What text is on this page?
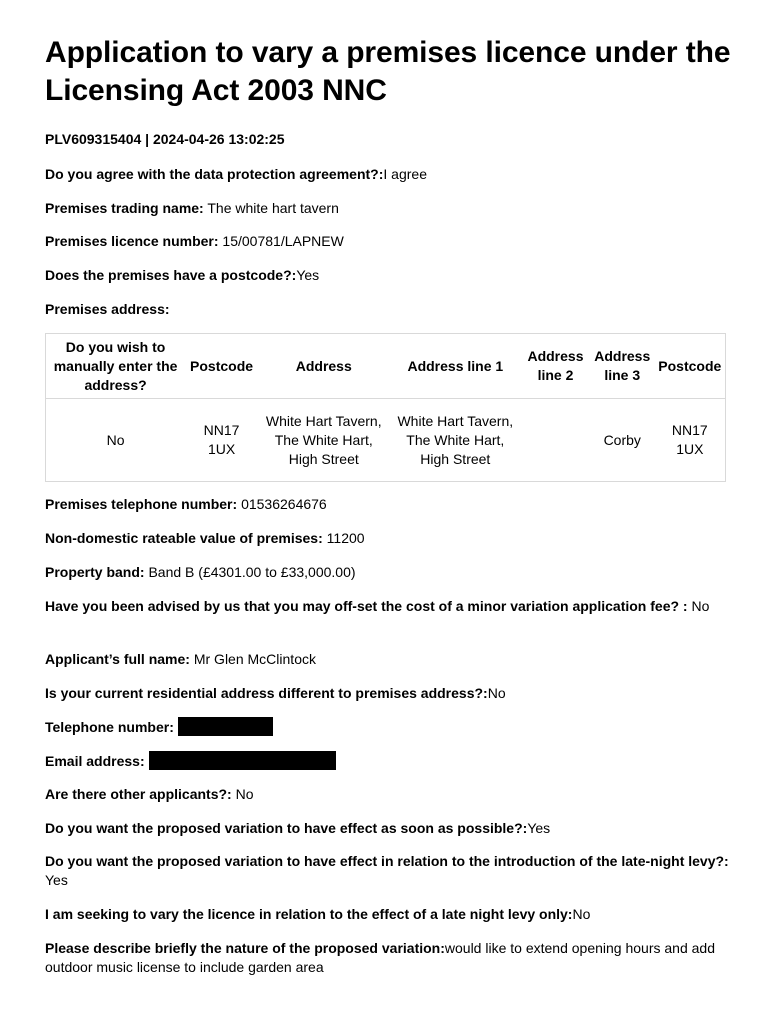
Application to vary a premises licence under the Licensing Act 2003 NNC
PLV609315404 | 2024-04-26 13:02:25
Do you agree with the data protection agreement?:I agree
Premises trading name: The white hart tavern
Premises licence number: 15/00781/LAPNEW
Does the premises have a postcode?:Yes
Premises address:
Do you wish to manually enter the address?	Postcode	Address	Address line 1	Address line 2	Address line 3	Postcode
No	NN17 1UX	White Hart Tavern, The White Hart, High Street	White Hart Tavern, The White Hart, High Street		Corby	NN17 1UX
Premises telephone number: 01536264676
Non-domestic rateable value of premises: 11200
Property band: Band B (£4301.00 to £33,000.00)
Have you been advised by us that you may off-set the cost of a minor variation application fee? : No
Applicant’s full name: Mr Glen McClintock
Is your current residential address different to premises address?:No
Telephone number:
Email address:
Are there other applicants?: No
Do you want the proposed variation to have effect as soon as possible?:Yes
Do you want the proposed variation to have effect in relation to the introduction of the late-night levy?: Yes
I am seeking to vary the licence in relation to the effect of a late night levy only:No
Please describe briefly the nature of the proposed variation:would like to extend opening hours and add outdoor music license to include garden area
